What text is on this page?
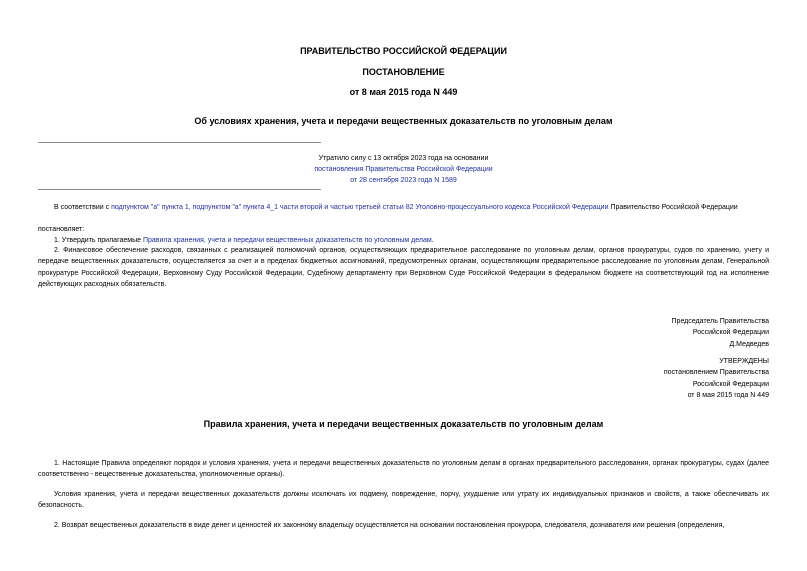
ПРАВИТЕЛЬСТВО РОССИЙСКОЙ ФЕДЕРАЦИИ
ПОСТАНОВЛЕНИЕ
от 8 мая 2015 года N 449
Об условиях хранения, учета и передачи вещественных доказательств по уголовным делам
Утратило силу с 13 октября 2023 года на основании
постановления Правительства Российской Федерации
от 28 сентября 2023 года N 1589
В соответствии с подпунктом "а" пункта 1, подпунктом "а" пункта 4_1 части второй и частью третьей статьи 82 Уголовно-процессуального кодекса Российской Федерации Правительство Российской Федерации
постановляет:
1. Утвердить прилагаемые Правила хранения, учета и передачи вещественных доказательств по уголовным делам.
2. Финансовое обеспечение расходов, связанных с реализацией полномочий органов, осуществляющих предварительное расследование по уголовным делам, органов прокуратуры, судов по хранению, учету и передаче вещественных доказательств, осуществляется за счет и в пределах бюджетных ассигнований, предусмотренных органам, осуществляющим предварительное расследование по уголовным делам, Генеральной прокуратуре Российской Федерации, Верховному Суду Российской Федерации, Судебному департаменту при Верховном Суде Российской Федерации в федеральном бюджете на соответствующий год на исполнение действующих расходных обязательств.
Председатель Правительства
Российской Федерации
Д.Медведев
УТВЕРЖДЕНЫ
постановлением Правительства
Российской Федерации
от 8 мая 2015 года N 449
Правила хранения, учета и передачи вещественных доказательств по уголовным делам
1. Настоящие Правила определяют порядок и условия хранения, учета и передачи вещественных доказательств по уголовным делам в органах предварительного расследования, органах прокуратуры, судах (далее соответственно - вещественные доказательства, уполномоченные органы).
Условия хранения, учета и передачи вещественных доказательств должны исключать их подмену, повреждение, порчу, ухудшение или утрату их индивидуальных признаков и свойств, а также обеспечивать их безопасность.
2. Возврат вещественных доказательств в виде денег и ценностей их законному владельцу осуществляется на основании постановления прокурора, следователя, дознавателя или решения (определения,
